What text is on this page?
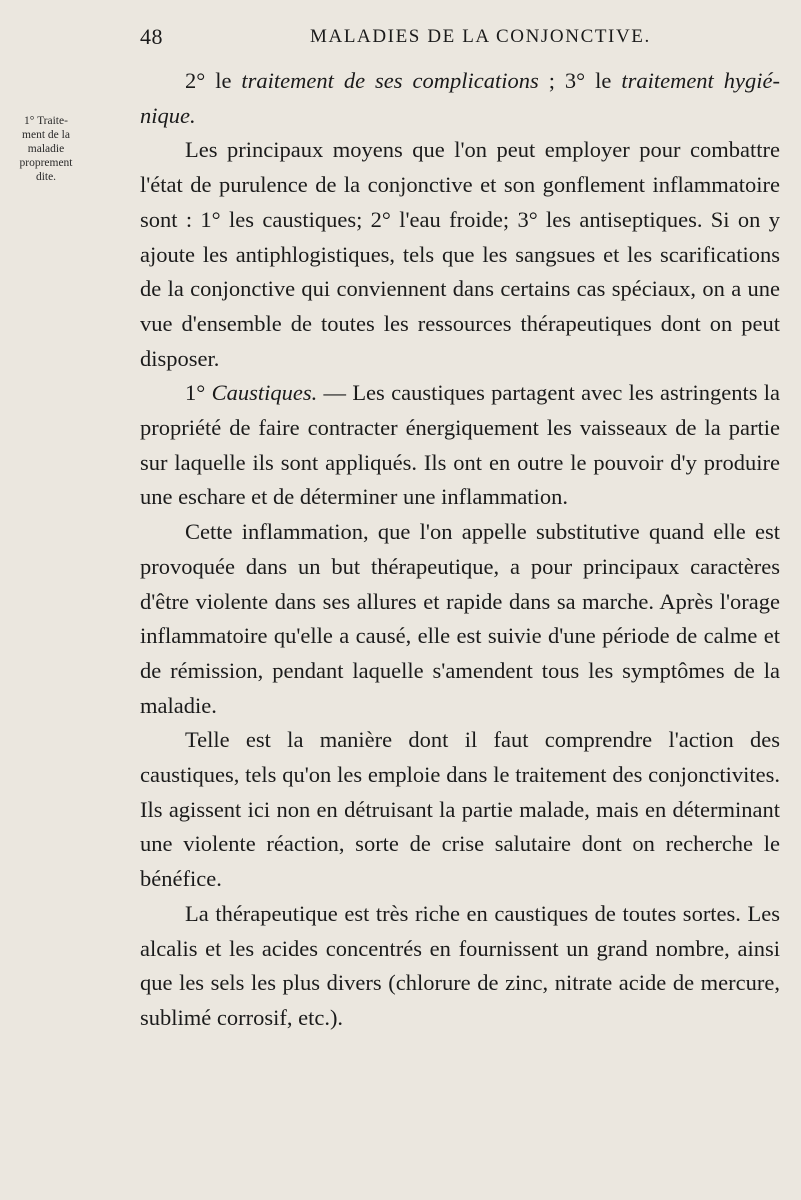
48	MALADIES DE LA CONJONCTIVE.
1° Traite-
ment de la
maladie
proprement
dite.

2° le traitement de ses complications ; 3° le traitement hygié-nique.

Les principaux moyens que l'on peut employer pour combattre l'état de purulence de la conjonctive et son gonflement inflammatoire sont : 1° les caustiques; 2° l'eau froide; 3° les antiseptiques. Si on y ajoute les antiphlogistiques, tels que les sangsues et les scarifications de la conjonctive qui conviennent dans certains cas spéciaux, on a une vue d'ensemble de toutes les ressources thérapeutiques dont on peut disposer.

1° Caustiques. — Les caustiques partagent avec les astringents la propriété de faire contracter énergiquement les vaisseaux de la partie sur laquelle ils sont appliqués. Ils ont en outre le pouvoir d'y produire une eschare et de déterminer une inflammation.

Cette inflammation, que l'on appelle substitutive quand elle est provoquée dans un but thérapeutique, a pour principaux caractères d'être violente dans ses allures et rapide dans sa marche. Après l'orage inflammatoire qu'elle a causé, elle est suivie d'une période de calme et de rémission, pendant laquelle s'amendent tous les symptômes de la maladie.

Telle est la manière dont il faut comprendre l'action des caustiques, tels qu'on les emploie dans le traitement des conjonctivites. Ils agissent ici non en détruisant la partie malade, mais en déterminant une violente réaction, sorte de crise salutaire dont on recherche le bénéfice.

La thérapeutique est très riche en caustiques de toutes sortes. Les alcalis et les acides concentrés en fournissent un grand nombre, ainsi que les sels les plus divers (chlorure de zinc, nitrate acide de mercure, sublimé corrosif, etc.).
